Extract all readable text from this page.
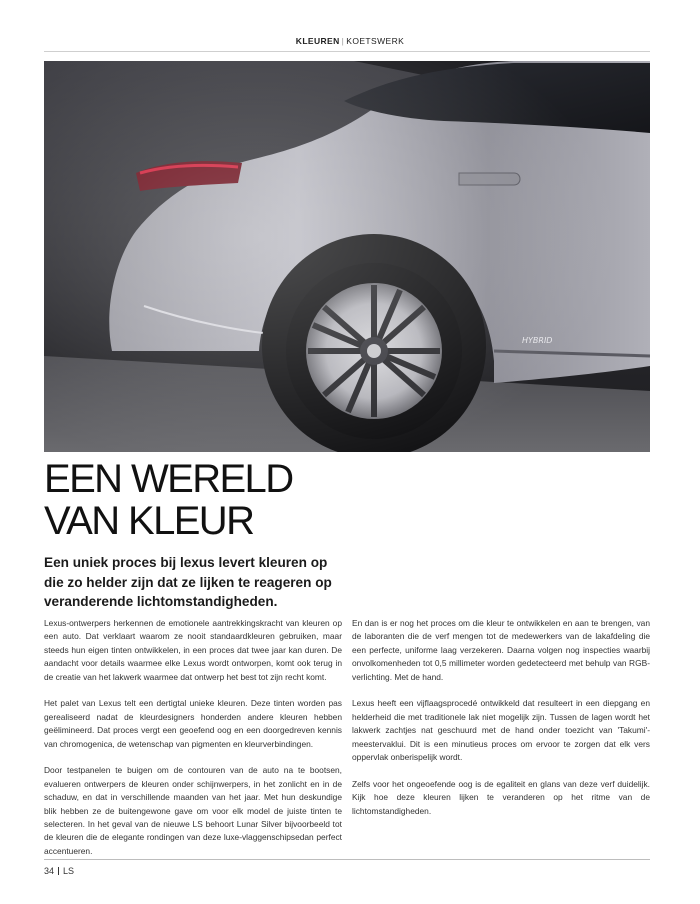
KLEUREN | KOETSWERK
EEN WERELD
VAN KLEUR

Een uniek proces bij lexus levert kleuren op die zo helder zijn dat ze lijken te reageren op veranderende lichtomstandigheden.

Lexus-ontwerpers herkennen de emotionele aantrekkingskracht van kleuren op een auto. Dat verklaart waarom ze nooit standaardkleuren gebruiken, maar steeds hun eigen tinten ontwikkelen, in een proces dat twee jaar kan duren. De aandacht voor details waarmee elke Lexus wordt ontworpen, komt ook terug in de creatie van het lakwerk waarmee dat ontwerp het best tot zijn recht komt.

Het palet van Lexus telt een dertigtal unieke kleuren. Deze tinten worden pas gerealiseerd nadat de kleurdesigners honderden andere kleuren hebben geëlimineerd. Dat proces vergt een geoefend oog en een doorgedreven kennis van chromogenica, de wetenschap van pigmenten en kleurverbindingen.

Door testpanelen te buigen om de contouren van de auto na te bootsen, evalueren ontwerpers de kleuren onder schijnwerpers, in het zonlicht en in de schaduw, en dat in verschillende maanden van het jaar. Met hun deskundige blik hebben ze de buitengewone gave om voor elk model de juiste tinten te selecteren. In het geval van de nieuwe LS behoort Lunar Silver bijvoorbeeld tot de kleuren die de elegante rondingen van deze luxe-vlaggenschipsedan perfect accentueren.

En dan is er nog het proces om die kleur te ontwikkelen en aan te brengen, van de laboranten die de verf mengen tot de medewerkers van de lakafdeling die een perfecte, uniforme laag verzekeren. Daarna volgen nog inspecties waarbij onvolkomenheden tot 0,5 millimeter worden gedetecteerd met behulp van RGB-verlichting. Met de hand.

Lexus heeft een vijflaagsprocedé ontwikkeld dat resulteert in een diepgang en helderheid die met traditionele lak niet mogelijk zijn. Tussen de lagen wordt het lakwerk zachtjes nat geschuurd met de hand onder toezicht van 'Takumi'-meestervaklui. Dit is een minutieus proces om ervoor te zorgen dat elk vers oppervlak onberispelijk wordt.

Zelfs voor het ongeoefende oog is de egaliteit en glans van deze verf duidelijk. Kijk hoe deze kleuren lijken te veranderen op het ritme van de lichtomstandigheden.

34 LS
